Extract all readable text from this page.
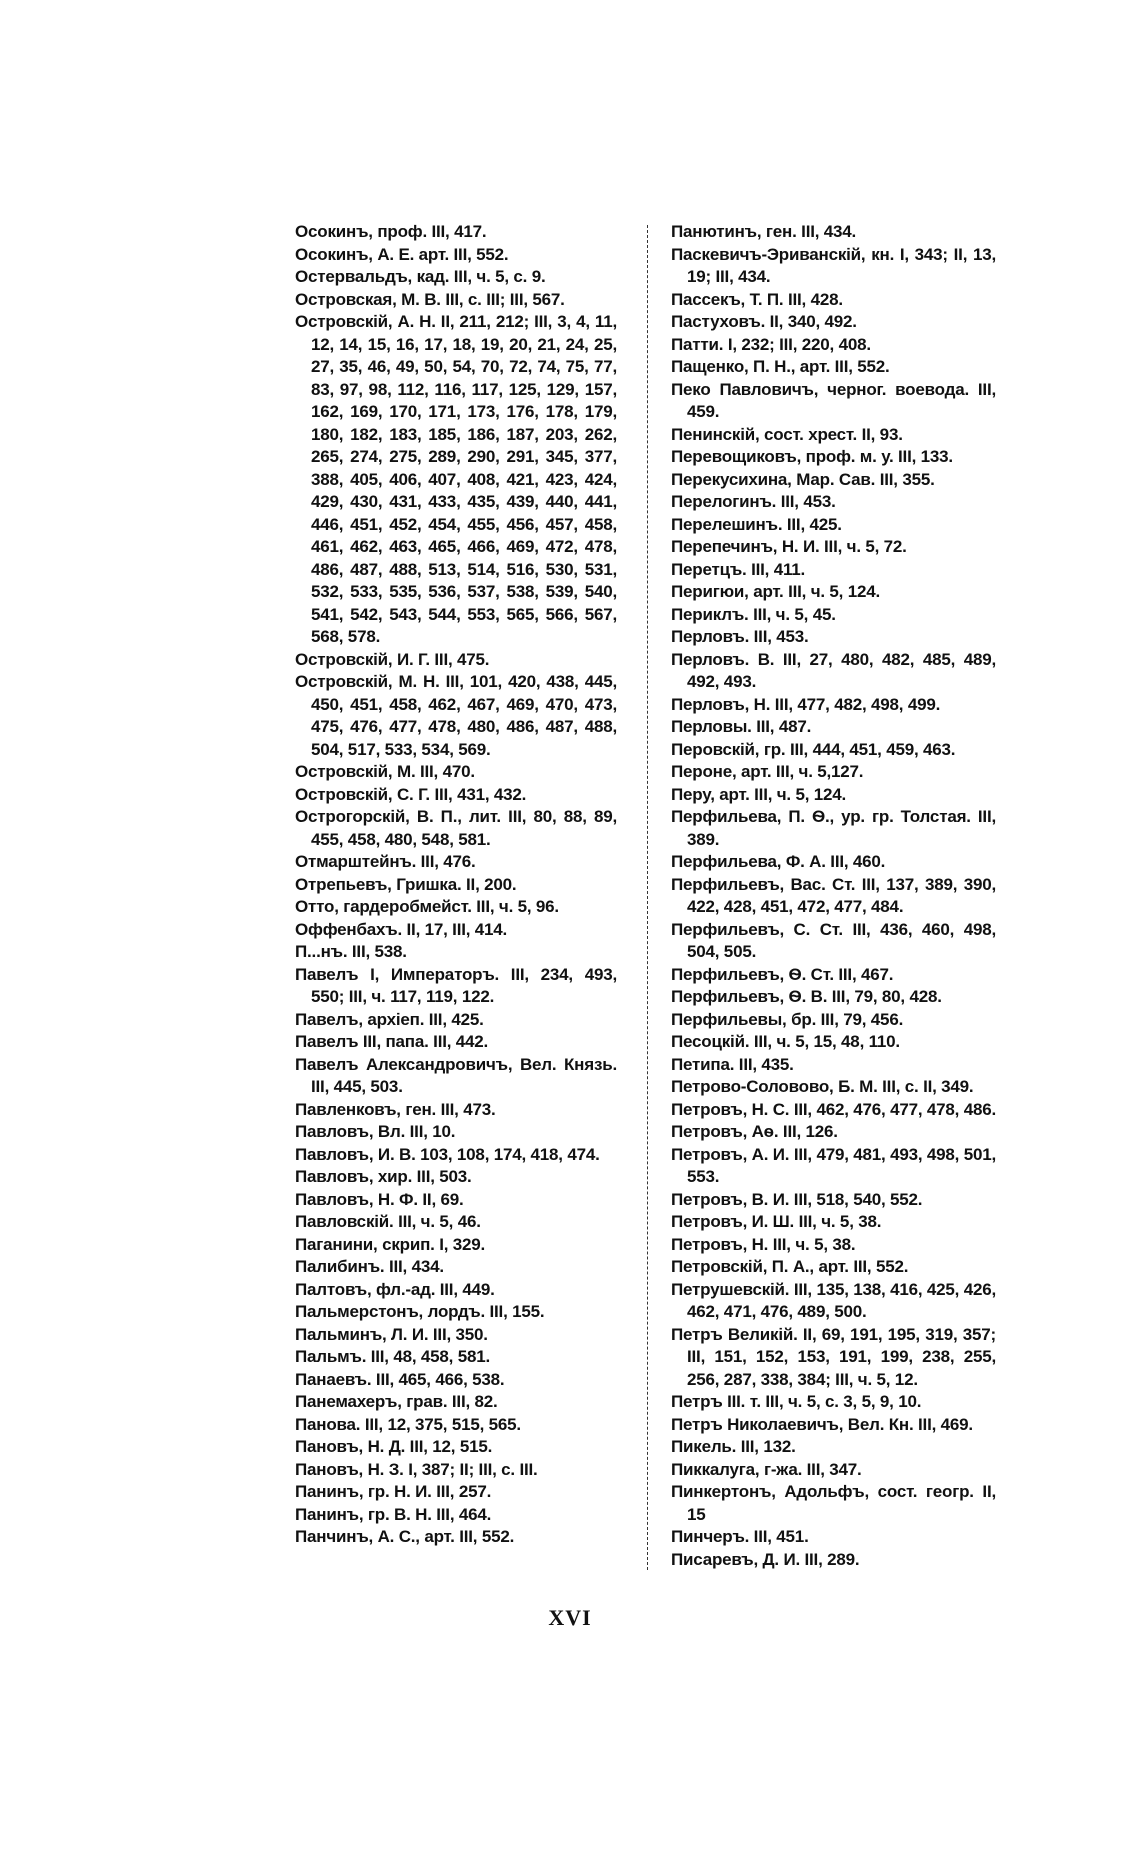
Осокинъ, проф. III, 417.

Осокинъ, А. Е. арт. III, 552.

Остервальдъ, кад. III, ч. 5, с. 9.

Островская, М. В. III, с. III; III, 567.

Островскій, А. Н. II, 211, 212; III, 3, 4, 11, 12, 14, 15, 16, 17, 18, 19, 20, 21, 24, 25, 27, 35, 46, 49, 50, 54, 70, 72, 74, 75, 77, 83, 97, 98, 112, 116, 117, 125, 129, 157, 162, 169, 170, 171, 173, 176, 178, 179, 180, 182, 183, 185, 186, 187, 203, 262, 265, 274, 275, 289, 290, 291, 345, 377, 388, 405, 406, 407, 408, 421, 423, 424, 429, 430, 431, 433, 435, 439, 440, 441, 446, 451, 452, 454, 455, 456, 457, 458, 461, 462, 463, 465, 466, 469, 472, 478, 486, 487, 488, 513, 514, 516, 530, 531, 532, 533, 535, 536, 537, 538, 539, 540, 541, 542, 543, 544, 553, 565, 566, 567, 568, 578.

Островскій, И. Г. III, 475.

Островскій, М. Н. III, 101, 420, 438, 445, 450, 451, 458, 462, 467, 469, 470, 473, 475, 476, 477, 478, 480, 486, 487, 488, 504, 517, 533, 534, 569.

Островскій, М. III, 470.

Островскій, С. Г. III, 431, 432.

Острогорскій, В. П., лит. III, 80, 88, 89, 455, 458, 480, 548, 581.

Отмарштейнъ. III, 476.

Отрепьевъ, Гришка. II, 200.

Отто, гардеробмейст. III, ч. 5, 96.

Оффенбахъ. II, 17, III, 414.

П...нъ. III, 538.

Павелъ I, Императоръ. III, 234, 493, 550; III, ч. 117, 119, 122.

Павелъ, архіеп. III, 425.

Павелъ III, папа. III, 442.

Павелъ Александровичъ, Вел. Князь. III, 445, 503.

Павленковъ, ген. III, 473.

Павловъ, Вл. III, 10.

Павловъ, И. В. 103, 108, 174, 418, 474.

Павловъ, хир. III, 503.

Павловъ, Н. Ф. II, 69.

Павловскій. III, ч. 5, 46.

Паганини, скрип. I, 329.

Палибинъ. III, 434.

Палтовъ, фл.-ад. III, 449.

Пальмерстонъ, лордъ. III, 155.

Пальминъ, Л. И. III, 350.

Пальмъ. III, 48, 458, 581.

Панаевъ. III, 465, 466, 538.

Панемахеръ, грав. III, 82.

Панова. III, 12, 375, 515, 565.

Пановъ, Н. Д. III, 12, 515.

Пановъ, Н. З. I, 387; II; III, с. III.

Панинъ, гр. Н. И. III, 257.

Панинъ, гр. В. Н. III, 464.

Панчинъ, А. С., арт. III, 552.

Панютинъ, ген. III, 434.

Паскевичъ-Эриванскій, кн. I, 343; II, 13, 19; III, 434.

Пассекъ, Т. П. III, 428.

Пастуховъ. II, 340, 492.

Патти. I, 232; III, 220, 408.

Пащенко, П. Н., арт. III, 552.

Пеко Павловичъ, черног. воевода. III, 459.

Пенинскій, сост. хрест. II, 93.

Перевощиковъ, проф. м. у. III, 133.

Перекусихина, Мар. Сав. III, 355.

Перелогинъ. III, 453.

Перелешинъ. III, 425.

Перепечинъ, Н. И. III, ч. 5, 72.

Перетцъ. III, 411.

Перигюи, арт. III, ч. 5, 124.

Периклъ. III, ч. 5, 45.

Перловъ. III, 453.

Перловъ. В. III, 27, 480, 482, 485, 489, 492, 493.

Перловъ, Н. III, 477, 482, 498, 499.

Перловы. III, 487.

Перовскій, гр. III, 444, 451, 459, 463.

Пероне, арт. III, ч. 5,127.

Перу, арт. III, ч. 5, 124.

Перфильева, П. Ѳ., ур. гр. Толстая. III, 389.

Перфильева, Ф. А. III, 460.

Перфильевъ, Вас. Ст. III, 137, 389, 390, 422, 428, 451, 472, 477, 484.

Перфильевъ, С. Ст. III, 436, 460, 498, 504, 505.

Перфильевъ, Ѳ. Ст. III, 467.

Перфильевъ, Ѳ. В. III, 79, 80, 428.

Перфильевы, бр. III, 79, 456.

Песоцкій. III, ч. 5, 15, 48, 110.

Петипа. III, 435.

Петрово-Соловово, Б. М. III, с. II, 349.

Петровъ, Н. С. III, 462, 476, 477, 478, 486.

Петровъ, Аѳ. III, 126.

Петровъ, А. И. III, 479, 481, 493, 498, 501, 553.

Петровъ, В. И. III, 518, 540, 552.

Петровъ, И. Ш. III, ч. 5, 38.

Петровъ, Н. III, ч. 5, 38.

Петровскій, П. А., арт. III, 552.

Петрушевскій. III, 135, 138, 416, 425, 426, 462, 471, 476, 489, 500.

Петръ Великій. II, 69, 191, 195, 319, 357; III, 151, 152, 153, 191, 199, 238, 255, 256, 287, 338, 384; III, ч. 5, 12.

Петръ III. т. III, ч. 5, с. 3, 5, 9, 10.

Петръ Николаевичъ, Вел. Кн. III, 469.

Пикель. III, 132.

Пиккалуга, г-жа. III, 347.

Пинкертонъ, Адольфъ, сост. геогр. II, 15

Пинчеръ. III, 451.

Писаревъ, Д. И. III, 289.

XVI
